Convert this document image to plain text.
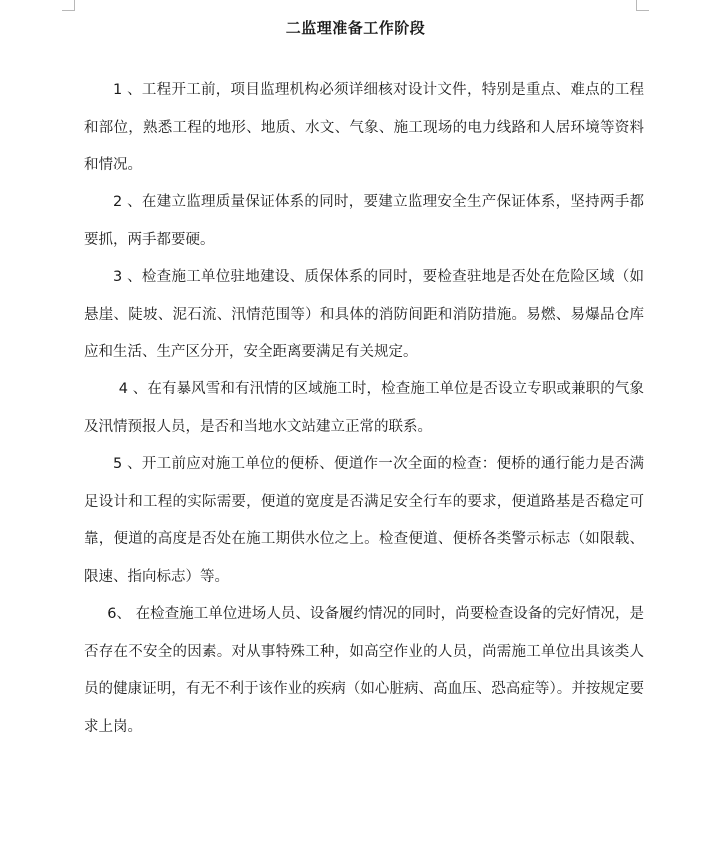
二监理准备工作阶段

1 、工程开工前，项目监理机构必须详细核对设计文件，特别是重点、难点的工程和部位，熟悉工程的地形、地质、水文、气象、施工现场的电力线路和人居环境等资料和情况。

2 、在建立监理质量保证体系的同时，要建立监理安全生产保证体系，坚持两手都要抓，两手都要硬。

3 、检查施工单位驻地建设、质保体系的同时，要检查驻地是否处在危险区域（如悬崖、陡坡、泥石流、汛情范围等）和具体的消防间距和消防措施。易燃、易爆品仓库应和生活、生产区分开，安全距离要满足有关规定。

4 、在有暴风雪和有汛情的区域施工时，检查施工单位是否设立专职或兼职的气象及汛情预报人员，是否和当地水文站建立正常的联系。

5 、开工前应对施工单位的便桥、便道作一次全面的检查：便桥的通行能力是否满足设计和工程的实际需要，便道的宽度是否满足安全行车的要求，便道路基是否稳定可靠，便道的高度是否处在施工期供水位之上。检查便道、便桥各类警示标志（如限载、限速、指向标志）等。

6、 在检查施工单位进场人员、设备履约情况的同时，尚要检查设备的完好情况，是否存在不安全的因素。对从事特殊工种，如高空作业的人员，尚需施工单位出具该类人员的健康证明，有无不利于该作业的疾病（如心脏病、高血压、恐高症等）。并按规定要求上岗。
